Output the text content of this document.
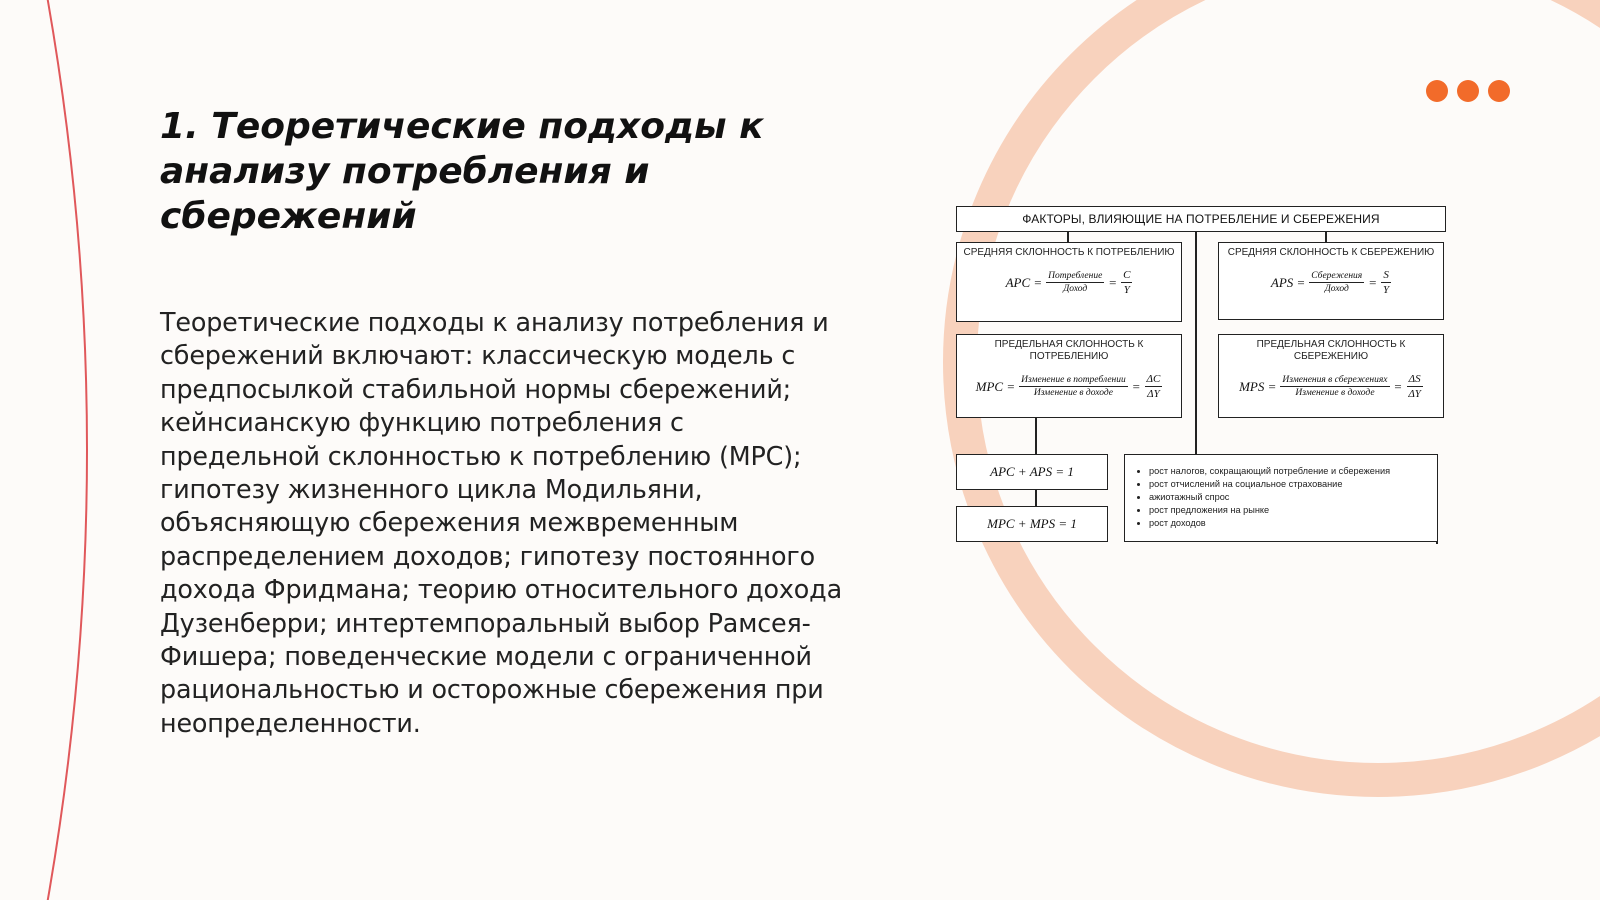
1. Теоретические подходы к анализу потребления и сбережений

Теоретические подходы к анализу потребления и сбережений включают: классическую модель с предпосылкой стабильной нормы сбережений; кейнсианскую функцию потребления с предельной склонностью к потреблению (MPC); гипотезу жизненного цикла Модильяни, объясняющую сбережения межвременным распределением доходов; гипотезу постоянного дохода Фридмана; теорию относительного дохода Дузенберри; интертемпоральный выбор Рамсея-Фишера; поведенческие модели с ограниченной рациональностью и осторожные сбережения при неопределенности.

ФАКТОРЫ, ВЛИЯЮЩИЕ НА ПОТРЕБЛЕНИЕ И СБЕРЕЖЕНИЯ
СРЕДНЯЯ СКЛОННОСТЬ К ПОТРЕБЛЕНИЮ
APC = $\frac{\text{Потребление}}{\text{Доход}} = \frac{C}{Y}$
СРЕДНЯЯ СКЛОННОСТЬ К СБЕРЕЖЕНИЮ
APS = $\frac{\text{Сбережения}}{\text{Доход}} = \frac{S}{Y}$
ПРЕДЕЛЬНАЯ СКЛОННОСТЬ К ПОТРЕБЛЕНИЮ
MPC = $\frac{\text{Изменение в потреблении}}{\text{Изменение в доходе}} = \frac{\Delta C}{\Delta Y}$
ПРЕДЕЛЬНАЯ СКЛОННОСТЬ К СБЕРЕЖЕНИЮ
MPS = $\frac{\text{Изменения в сбережениях}}{\text{Изменение в доходе}} = \frac{\Delta S}{\Delta Y}$
APC + APS = 1
MPC + MPS = 1
• рост налогов, сокращающий потребление и сбережения
• рост отчислений на социальное страхование
• ажиотажный спрос
• рост предложения на рынке
• рост доходов
